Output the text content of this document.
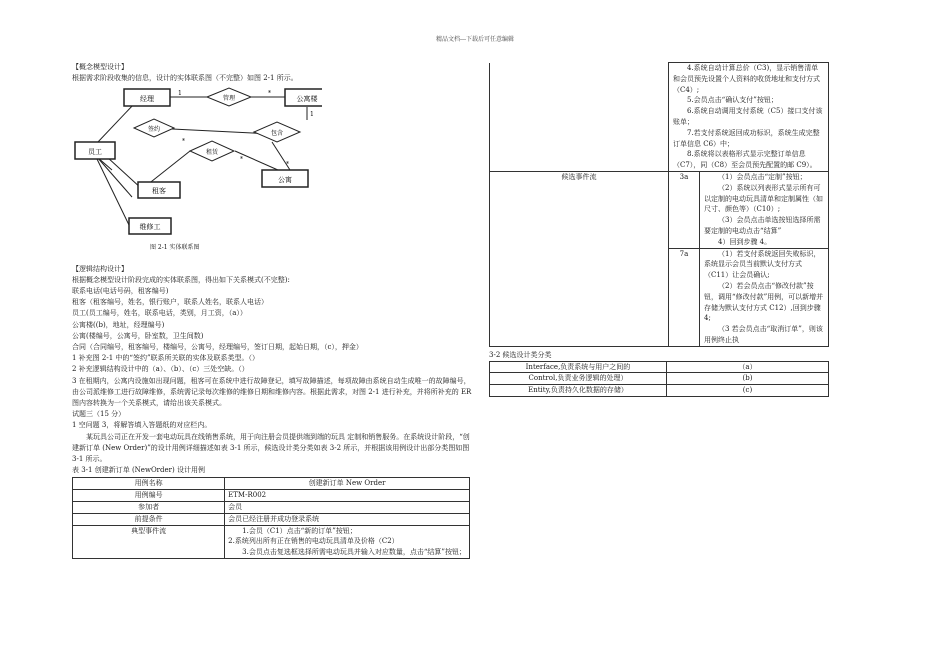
精品文档---下载后可任意编辑

【概念模型设计】

根据需求阶段收集的信息，设计的实体联系图（不完整）如图 2-1 所示。

经理	公寓楼
员工
租客
公寓
维修工
管理
签约
包含
租赁
1	*
1
*
*
*
图 2-1 实体联系图

【逻辑结构设计】

根据概念模型设计阶段完成的实体联系图，得出如下关系模式(不完整):

联系电话(电话号码，租客编号)

租客（租客编号，姓名，银行账户，联系人姓名，联系人电话）

员工(员工编号，姓名，联系电话，类别，月工资，（a））

公寓楼((b)，地址，经理编号)

公寓(楼编号，公寓号，卧室数，卫生间数)

合同（合同编号，租客编号，楼编号，公寓号，经理编号，签订日期，起始日期，（c），押金）

1 补充图 2-1 中的“签约”联系所关联的实体及联系类型。（）

2 补充逻辑结构设计中的（a）、（b）、（c）三处空缺。（）

3 在租期内，公寓内设施如出现问题，租客可在系统中进行故障登记，填写故障描述，每项故障由系统自动生成唯一的故障编号，由公司派维修工进行故障维修，系统需记录每次维修的维修日期和维修内容。根据此需求，对图 2-1 进行补充，并将所补充的 ER 图内容转换为一个关系模式，请给出该关系模式。

试题三（15 分）

1 空问题 3，将解答填入答题纸的对应栏内。

某玩具公司正在开发一套电动玩具在线销售系统，用于向注册会员提供端到端的玩具 定制和销售服务。在系统设计阶段，“创建新订单 (New Order)”的设计用例详细描述如表 3-1 所示，候选设计类分类如表 3-2 所示，并根据该用例设计出部分类图如图 3-1 所示。

表 3-1 创建新订单 (NewOrder) 设计用例

用例名称	创建新订单 New Order
用例编号	ETM-R002
参加者	会员
前提条件	会员已经注册并成功登录系统
典型事件流	1.会员（C1）点击“新的订单”按钮；

2.系统列出所有正在销售的电动玩具清单及价格（C2）

3.会员点击复选框选择所需电动玩具并输入对应数量，点击“结算”按钮；

	4.系统自动计算总价（C3)，显示销售清单和会员预先设置个人资料的收货地址和支付方式（C4）;

5.会员点击“确认支付”按钮；

6.系统自动调用支付系统（C5）接口支付该账单；

7.若支付系统返回成功标识，系统生成完整订单信息 C6）中；

8.系统将以表格形式显示完整订单信息（C7），同（C8）至会员预先配置的邮 C9）。	

候选事件流	3a	（1）会员点击“定制”按钮；

（2）系统以列表形式显示所有可以定制的电动玩具清单和定制属性（如尺寸、颜色等）（C10）;

（3）会员点击单选按钮选择所需要定制的电动点击“结算”

4）回到步骤 4。

	7a	（1）若支付系统返回失败标识，系统显示会员当前默认支付方式（C11）让会员确认;

（2）若会员点击“修改付款”按钮，调用“修改付款”用例，可以新增并存储为默认支付方式 C12）,回到步骤 4;

（3 若会员点击“取消订单”，则该用例终止执

3-2 候选设计类分类

Interface,负责系统与用户之间的	（a）
Control,负责业务逻辑的处理）	(b)
Entity,负责持久化数据的存储）	(c)
